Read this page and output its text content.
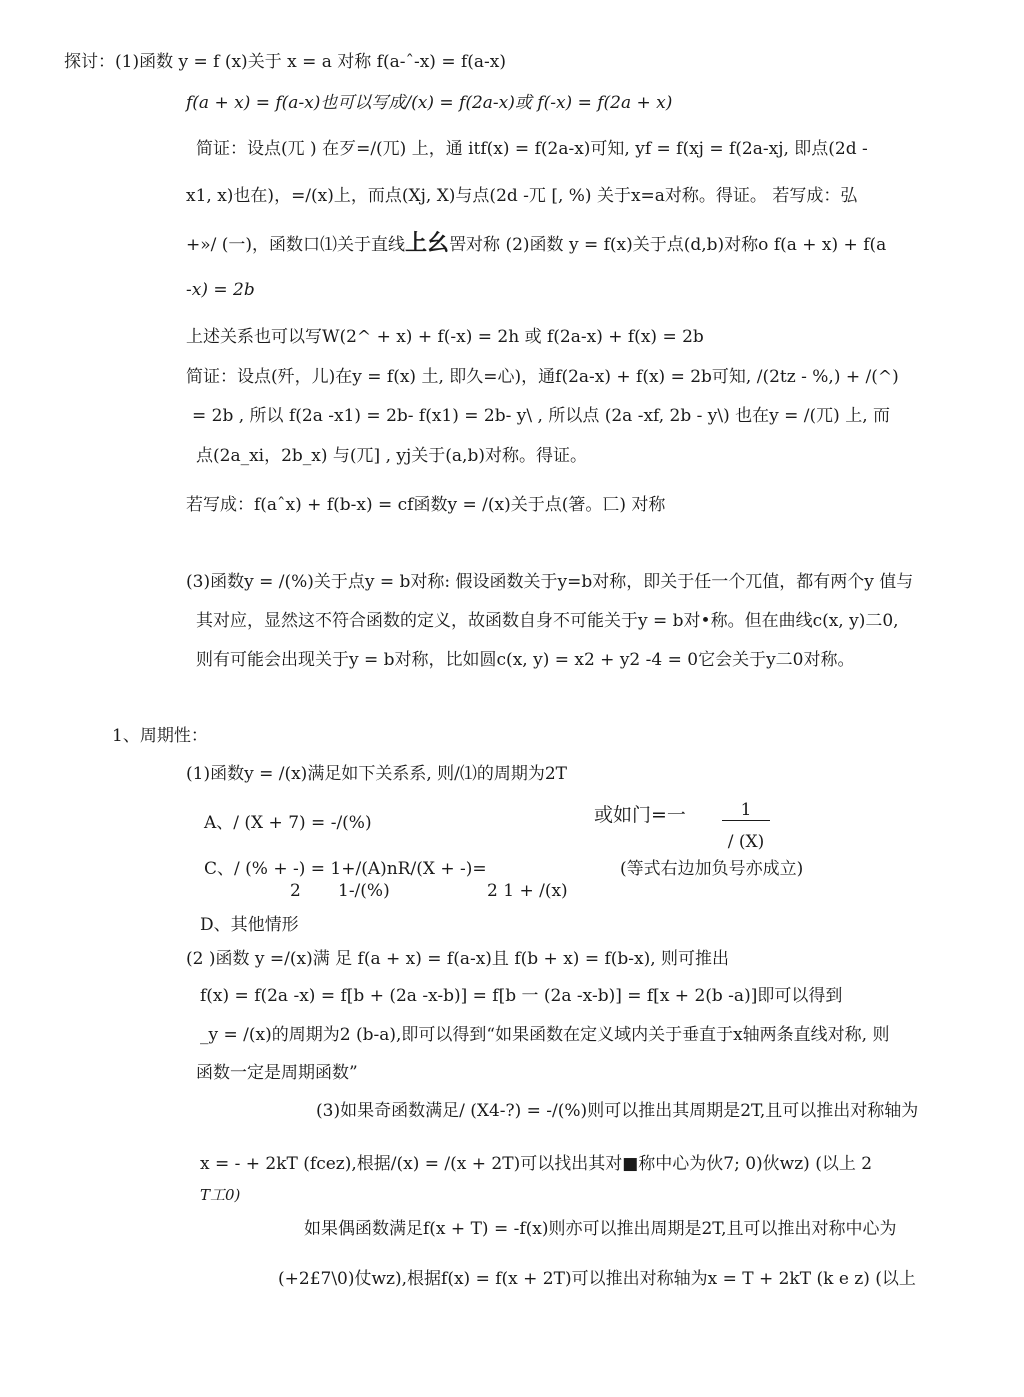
探讨：(1)函数 y = f (x)关于 x = a 对称 f(a-ˆ-x) = f(a-x)
f(a + x) = f(a-x)也可以写成/(x) = f(2a-x)或 f(-x) = f(2a + x)
简证：设点(兀 ) 在歹=/(兀) 上，通 itf(x) = f(2a-x)可知, yf = f(xj = f(2a-xj, 即点(2d -
x1, x)也在)，=/(x)上，而点(Xj, X)与点(2d -兀 [, %) 关于x=a对称。得证。 若写成：弘
+»/ (一)，函数口⑴关于直线上幺罟对称 (2)函数 y = f(x)关于点(d,b)对称o f(a + x) + f(a
-x) = 2b
上述关系也可以写W(2^ + x) + f(-x) = 2h 或 f(2a-x) + f(x) = 2b
简证：设点(歼，儿)在y = f(x) 土, 即久=心)，通f(2a-x) + f(x) = 2b可知, /(2tz - %,) + /(^)
= 2b , 所以 f(2a -x1) = 2b- f(x1) = 2b- y\ , 所以点 (2a -xf, 2b - y\) 也在y = /(兀) 上, 而
点(2a_xi，2b_x) 与(兀] , yj关于(a,b)对称。得证。
若写成：f(aˆx) + f(b-x) = cf函数y = /(x)关于点(箸。匸) 对称
(3)函数y = /(%)关于点y = b对称: 假设函数关于y=b对称，即关于任一个兀值，都有两个y 值与
其对应，显然这不符合函数的定义，故函数自身不可能关于y = b对•称。但在曲线c(x, y)二0,
则有可能会出现关于y = b对称，比如圆c(x, y) = x2 + y2 -4 = 0它会关于y二0对称。
1、周期性：
(1)函数y = /(x)满足如下关系系, 则/⑴的周期为2T
A、/ (X + 7) = -/(%)	或如门=一	1
/ (X)
C、/ (% + -) = 1+/(A)nR/(X + -)=	(等式右边加负号亦成立)
2 1-/(%)	2 1 + /(x)
D、其他情形
(2 )函数 y =/(x)满 足 f(a + x) = f(a-x)且 f(b + x) = f(b-x), 则可推出
f(x) = f(2a -x) = f[b + (2a -x-b)] = f[b 一 (2a -x-b)] = f[x + 2(b -a)]即可以得到
_y = /(x)的周期为2 (b-a),即可以得到“如果函数在定义域内关于垂直于x轴两条直线对称, 则
函数一定是周期函数”
(3)如果奇函数满足/ (X4-?) = -/(%)则可以推出其周期是2T,且可以推出对称轴为
x = - + 2kT (fcez),根据/(x) = /(x + 2T)可以找出其对■称中心为伙7; 0)伙wz) (以上 2
T工0)
如果偶函数满足f(x + T) = -f(x)则亦可以推出周期是2T,且可以推出对称中心为
(+2£7\0)仗wz),根据f(x) = f(x + 2T)可以推出对称轴为x = T + 2kT (k e z) (以上
